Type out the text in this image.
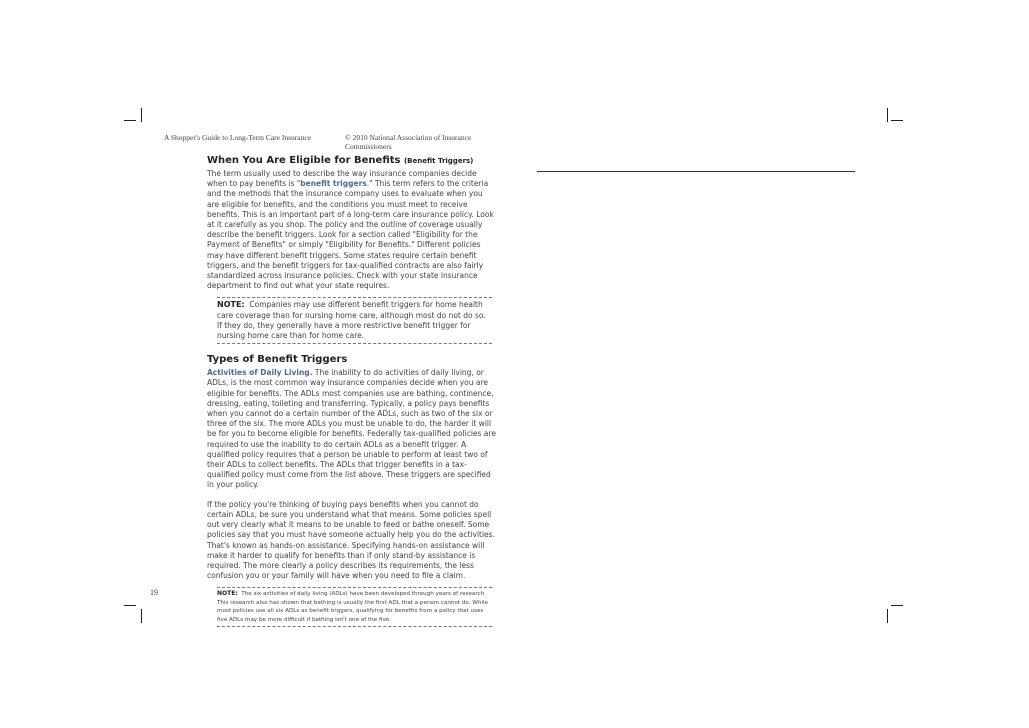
A Shopper's Guide to Long-Term Care Insurance	© 2010 National Association of Insurance Commissioners
When You Are Eligible for Benefits (Benefit Triggers)

The term usually used to describe the way insurance companies decide when to pay benefits is "benefit triggers." This term refers to the criteria and the methods that the insurance company uses to evaluate when you are eligible for benefits, and the conditions you must meet to receive benefits. This is an important part of a long-term care insurance policy. Look at it carefully as you shop. The policy and the outline of coverage usually describe the benefit triggers. Look for a section called "Eligibility for the Payment of Benefits" or simply "Eligibility for Benefits." Different policies may have different benefit triggers. Some states require certain benefit triggers, and the benefit triggers for tax-qualified contracts are also fairly standardized across insurance policies. Check with your state insurance department to find out what your state requires.

NOTE: Companies may use different benefit triggers for home health care coverage than for nursing home care, although most do not do so. If they do, they generally have a more restrictive benefit trigger for nursing home care than for home care.
Types of Benefit Triggers

Activities of Daily Living. The inability to do activities of daily living, or ADLs, is the most common way insurance companies decide when you are eligible for benefits. The ADLs most companies use are bathing, continence, dressing, eating, toileting and transferring. Typically, a policy pays benefits when you cannot do a certain number of the ADLs, such as two of the six or three of the six. The more ADLs you must be unable to do, the harder it will be for you to become eligible for benefits. Federally tax-qualified policies are required to use the inability to do certain ADLs as a benefit trigger. A qualified policy requires that a person be unable to perform at least two of their ADLs to collect benefits. The ADLs that trigger benefits in a tax-qualified policy must come from the list above. These triggers are specified in your policy.

If the policy you're thinking of buying pays benefits when you cannot do certain ADLs, be sure you understand what that means. Some policies spell out very clearly what it means to be unable to feed or bathe oneself. Some policies say that you must have someone actually help you do the activities. That's known as hands-on assistance. Specifying hands-on assistance will make it harder to qualify for benefits than if only stand-by assistance is required. The more clearly a policy describes its requirements, the less confusion you or your family will have when you need to file a claim.

NOTE: The six activities of daily living (ADLs) have been developed through years of research. This research also has shown that bathing is usually the first ADL that a person cannot do. While most policies use all six ADLs as benefit triggers, qualifying for benefits from a policy that uses five ADLs may be more difficult if bathing isn't one of the five.
19
